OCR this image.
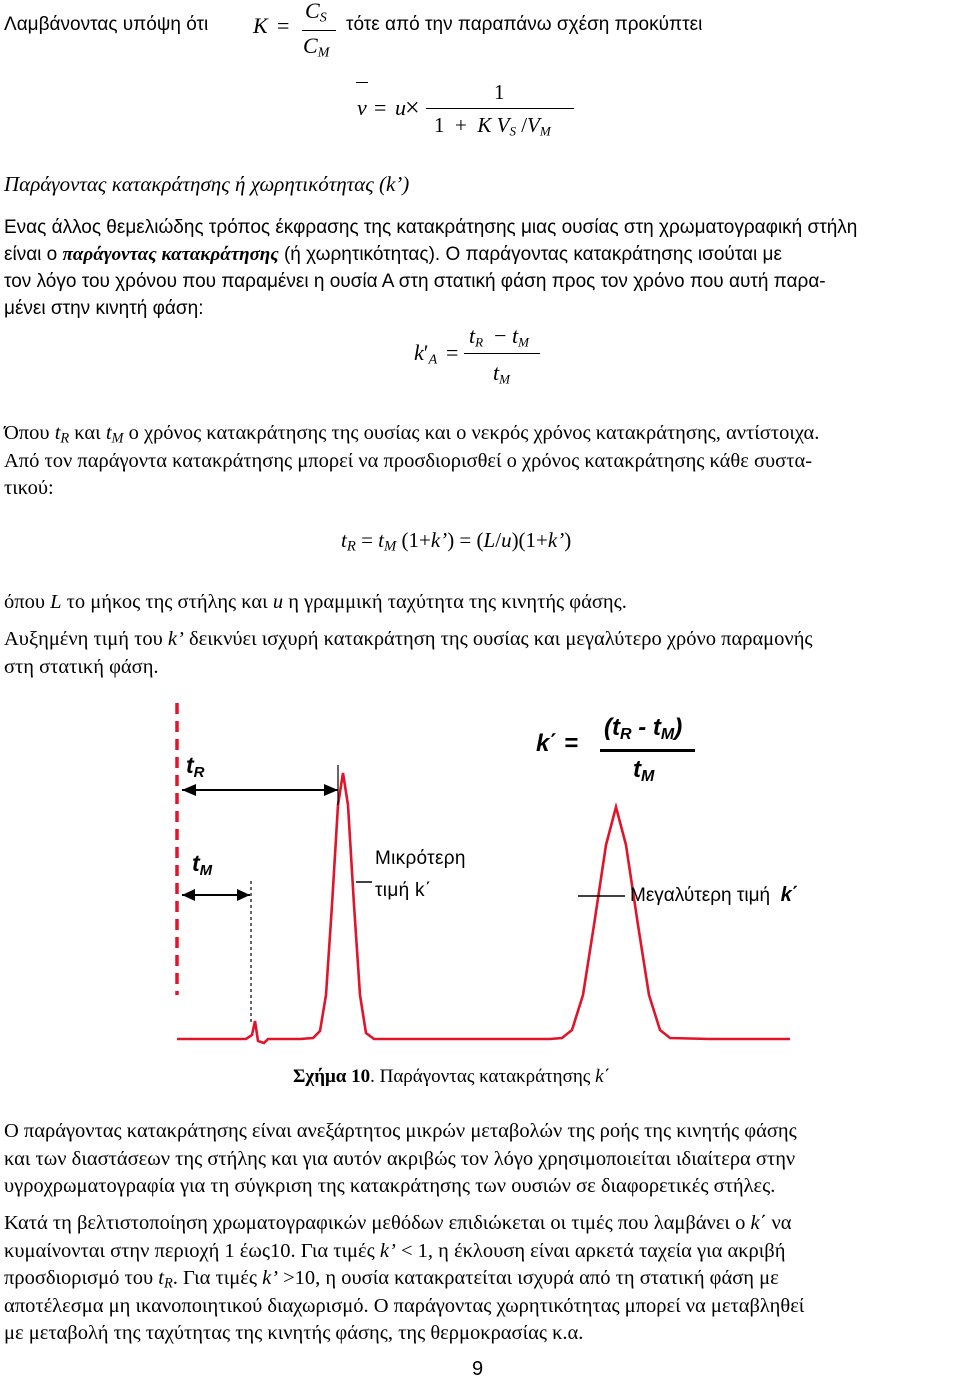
Λαμβάνοντας υπόψη ότι K =
$C_S$
$C_M$
τότε από την παραπάνω σχέση προκύπτει
v = u ×
1
1 + K $V_S$ $/V_M$
Παράγοντας κατακράτησης ή χωρητικότητας (k’)
Ενας άλλος θεμελιώδης τρόπος έκφρασης της κατακράτησης μιας ουσίας στη χρωματογραφική στήλη
είναι ο παράγοντας κατακράτησης (ή χωρητικότητας). Ο παράγοντας κατακράτησης ισούται με
τον λόγο του χρόνου που παραμένει η ουσία Α στη στατική φάση προς τον χρόνο που αυτή παρα-
μένει στην κινητή φάση:
$k'_A$ =
$t_R - t_M$
$t_M$
Όπου $t_R$ και $t_M$ ο χρόνος κατακράτησης της ουσίας και ο νεκρός χρόνος κατακράτησης, αντίστοιχα.
Από τον παράγοντα κατακράτησης μπορεί να προσδιορισθεί ο χρόνος κατακράτησης κάθε συστα-
τικού:
$t_R = t_M$ (1+k’) = (L/u)(1+k’)
όπου L το μήκος της στήλης και u η γραμμική ταχύτητα της κινητής φάσης.
Αυξημένη τιμή του k’ δεικνύει ισχυρή κατακράτηση της ουσίας και μεγαλύτερο χρόνο παραμονής
στη στατική φάση.
k΄ =
$(t_R - t_M)$
$t_M$
$t_R$
$t_M$
Μικρότερη
τιμή k΄	Μεγαλύτερη τιμή k΄
Σχήμα 10. Παράγοντας κατακράτησης k΄
Ο παράγοντας κατακράτησης είναι ανεξάρτητος μικρών μεταβολών της ροής της κινητής φάσης
και των διαστάσεων της στήλης και για αυτόν ακριβώς τον λόγο χρησιμοποιείται ιδιαίτερα στην
υγροχρωματογραφία για τη σύγκριση της κατακράτησης των ουσιών σε διαφορετικές στήλες.
Κατά τη βελτιστοποίηση χρωματογραφικών μεθόδων επιδιώκεται οι τιμές που λαμβάνει ο k΄ να
κυμαίνονται στην περιοχή 1 έως10. Για τιμές k’ < 1, η έκλουση είναι αρκετά ταχεία για ακριβή
προσδιορισμό του $t_R$. Για τιμές k’ >10, η ουσία κατακρατείται ισχυρά από τη στατική φάση με
αποτέλεσμα μη ικανοποιητικού διαχωρισμό. Ο παράγοντας χωρητικότητας μπορεί να μεταβληθεί
με μεταβολή της ταχύτητας της κινητής φάσης, της θερμοκρασίας κ.α.
9
